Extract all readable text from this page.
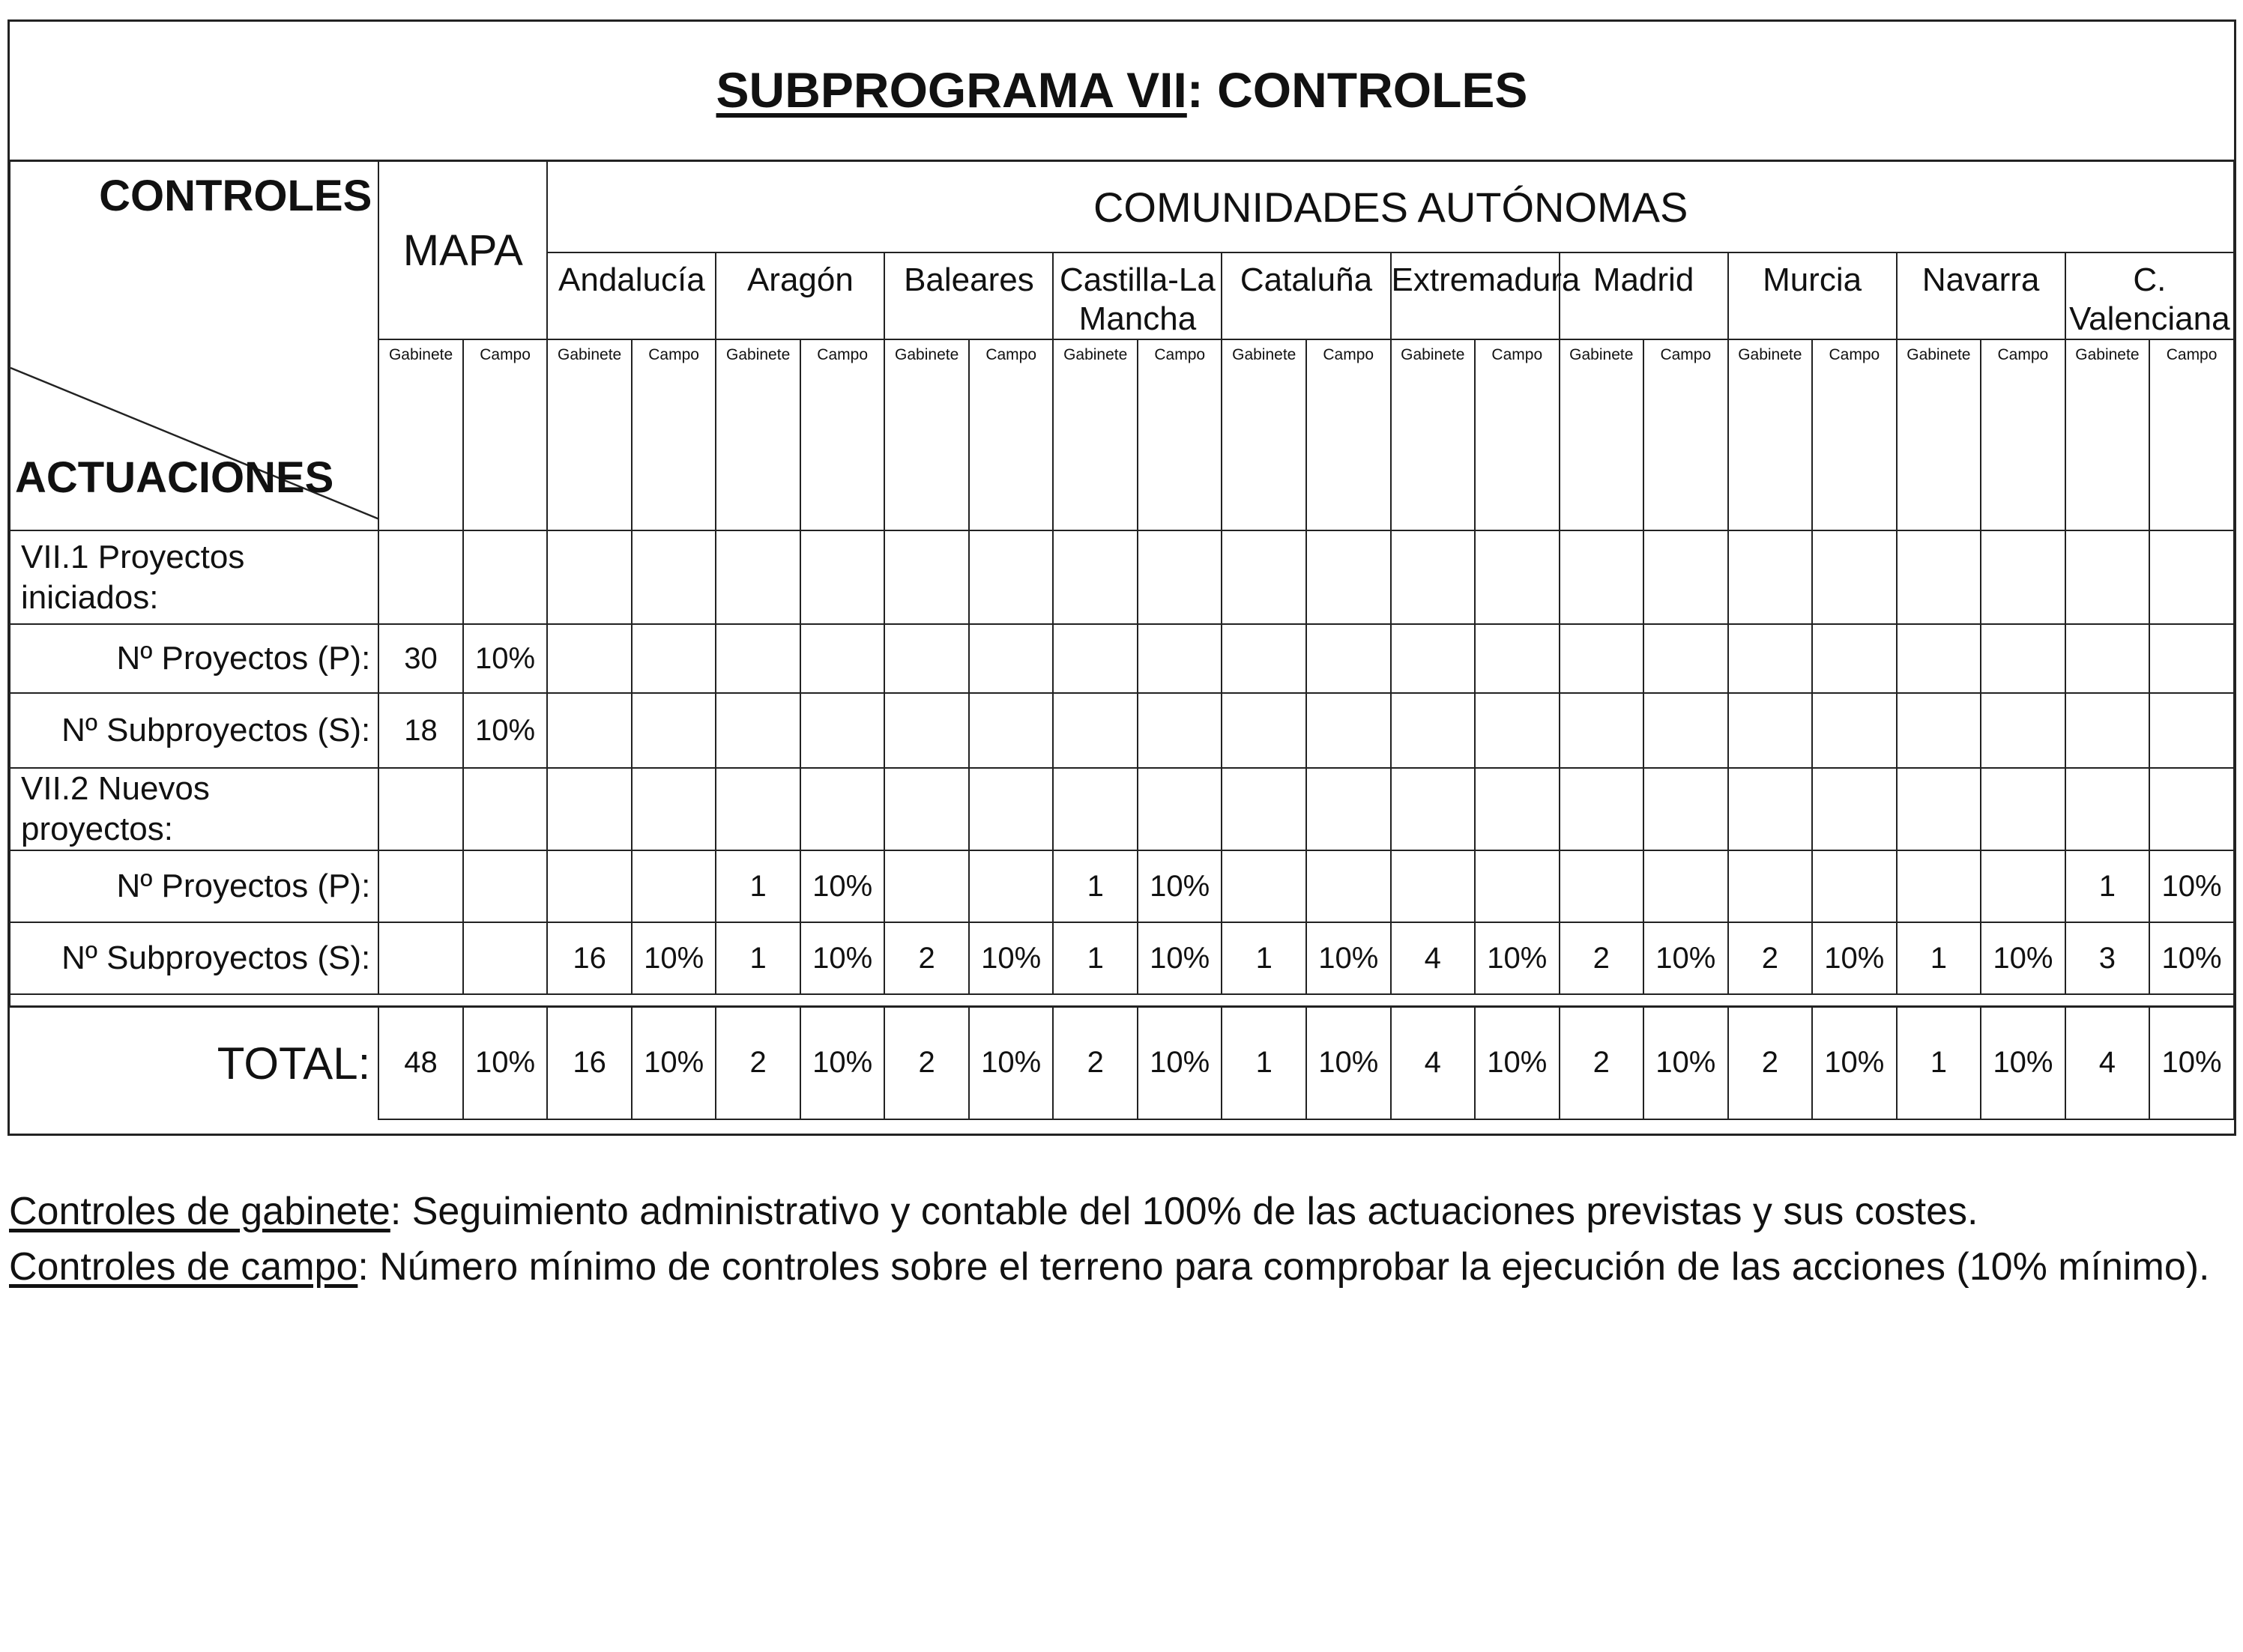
SUBPROGRAMA VII : CONTROLES
CONTROLES
ACTUACIONES	MAPA		COMUNIDADES AUTÓNOMAS																			
			Andalucía		Aragón		Baleares		Castilla-La Mancha		Cataluña		Extremadura		Madrid		Murcia		Navarra		C. Valenciana	
	Gabinete	Campo	Gabinete	Campo	Gabinete	Campo	Gabinete	Campo	Gabinete	Campo	Gabinete	Campo	Gabinete	Campo	Gabinete	Campo	Gabinete	Campo	Gabinete	Campo	Gabinete	Campo
VII.1 Proyectos iniciados:																						
Nº Proyectos (P):	30	10%																				
Nº Subproyectos (S):	18	10%																				
VII.2 Nuevos proyectos:																						
Nº Proyectos (P):					1	10%			1	10%											1	10%
Nº Subproyectos (S):			16	10%	1	10%	2	10%	1	10%	1	10%	4	10%	2	10%	2	10%	1	10%	3	10%

TOTAL:	48	10%	16	10%	2	10%	2	10%	2	10%	1	10%	4	10%	2	10%	2	10%	1	10%	4	10%
Controles de gabinete: Seguimiento administrativo y contable del 100% de las actuaciones previstas y sus costes.
Controles de campo: Número mínimo de controles sobre el terreno para comprobar la ejecución de las acciones (10% mínimo).
